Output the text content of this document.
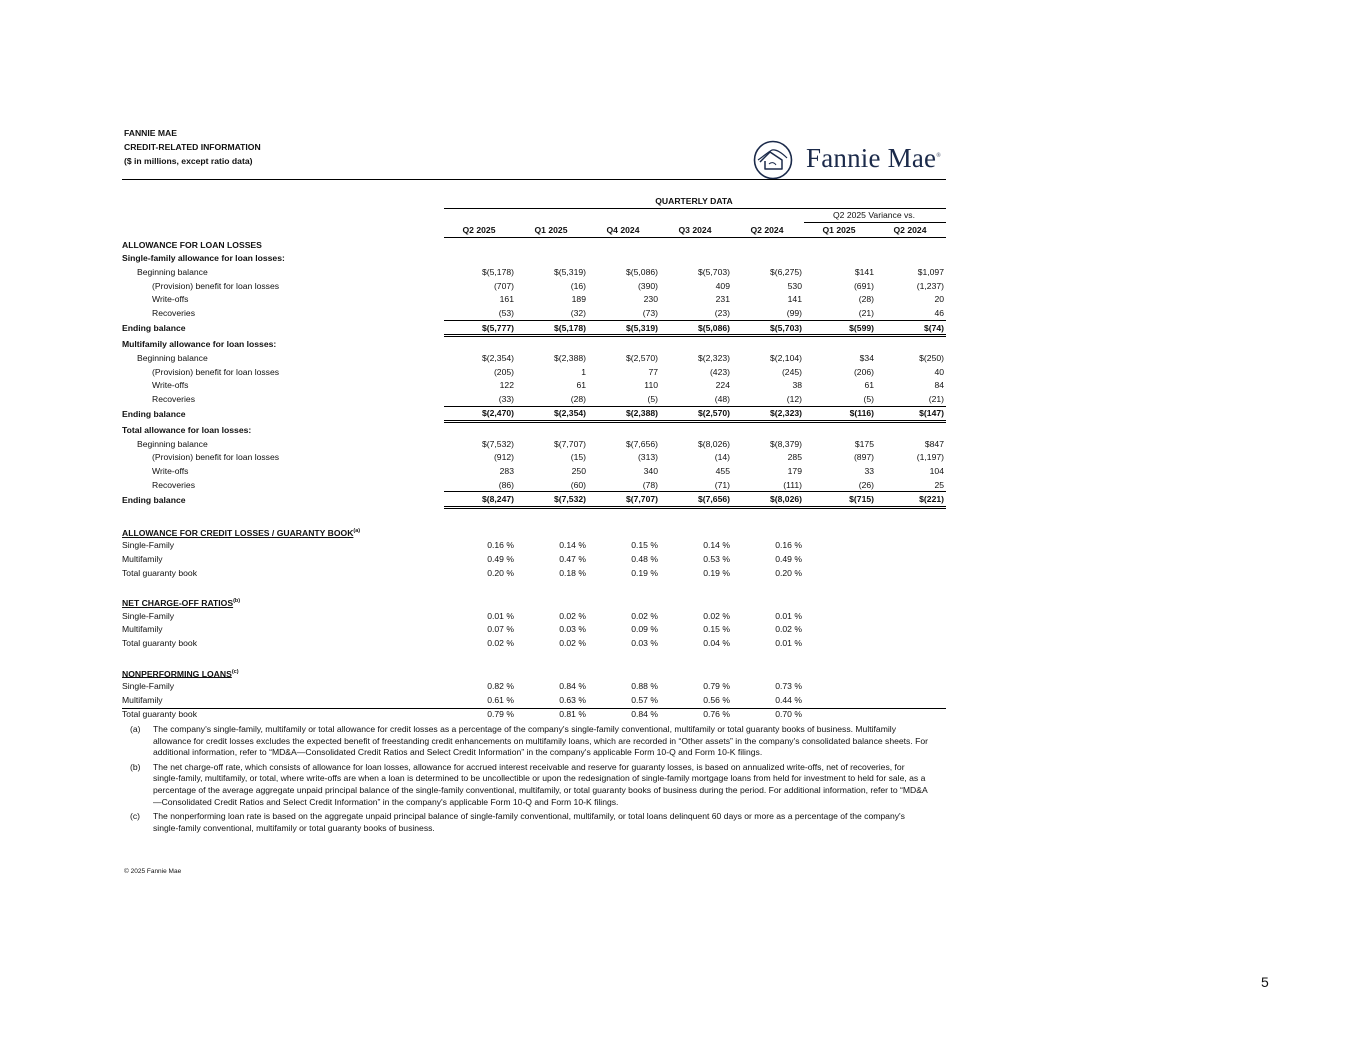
FANNIE MAE
CREDIT-RELATED INFORMATION
($ in millions, except ratio data)	Fannie Mae®
	QUARTERLY DATA						
						Q2 2025 Variance vs.	
	Q2 2025	Q1 2025	Q4 2024	Q3 2024	Q2 2024	Q1 2025	Q2 2024
ALLOWANCE FOR LOAN LOSSES							
Single-family allowance for loan losses:							
Beginning balance	$(5,178)	$(5,319)	$(5,086)	$(5,703)	$(6,275)	$141	$1,097
(Provision) benefit for loan losses	(707)	(16)	(390)	409	530	(691)	(1,237)
Write-offs	161	189	230	231	141	(28)	20
Recoveries	(53)	(32)	(73)	(23)	(99)	(21)	46
Ending balance	$(5,777)	$(5,178)	$(5,319)	$(5,086)	$(5,703)	$(599)	$(74)
Multifamily allowance for loan losses:							
Beginning balance	$(2,354)	$(2,388)	$(2,570)	$(2,323)	$(2,104)	$34	$(250)
(Provision) benefit for loan losses	(205)	1	77	(423)	(245)	(206)	40
Write-offs	122	61	110	224	38	61	84
Recoveries	(33)	(28)	(5)	(48)	(12)	(5)	(21)
Ending balance	$(2,470)	$(2,354)	$(2,388)	$(2,570)	$(2,323)	$(116)	$(147)
Total allowance for loan losses:							
Beginning balance	$(7,532)	$(7,707)	$(7,656)	$(8,026)	$(8,379)	$175	$847
(Provision) benefit for loan losses	(912)	(15)	(313)	(14)	285	(897)	(1,197)
Write-offs	283	250	340	455	179	33	104
Recoveries	(86)	(60)	(78)	(71)	(111)	(26)	25
Ending balance	$(8,247)	$(7,532)	$(7,707)	$(7,656)	$(8,026)	$(715)	$(221)

ALLOWANCE FOR CREDIT LOSSES / GUARANTY BOOK$^{(a)}$
Single-Family	0.16 %	0.14 %	0.15 %	0.14 %	0.16 %		
Multifamily	0.49 %	0.47 %	0.48 %	0.53 %	0.49 %		
Total guaranty book	0.20 %	0.18 %	0.19 %	0.19 %	0.20 %		

NET CHARGE-OFF RATIOS$^{(b)}$
Single-Family	0.01 %	0.02 %	0.02 %	0.02 %	0.01 %		
Multifamily	0.07 %	0.03 %	0.09 %	0.15 %	0.02 %		
Total guaranty book	0.02 %	0.02 %	0.03 %	0.04 %	0.01 %		

NONPERFORMING LOANS$^{(c)}$
Single-Family	0.82 %	0.84 %	0.88 %	0.79 %	0.73 %		
Multifamily	0.61 %	0.63 %	0.57 %	0.56 %	0.44 %		
Total guaranty book	0.79 %	0.81 %	0.84 %	0.76 %	0.70 %		
(a)	The company's single-family, multifamily or total allowance for credit losses as a percentage of the company's single-family conventional, multifamily or total guaranty books of business. Multifamily allowance for credit losses excludes the expected benefit of freestanding credit enhancements on multifamily loans, which are recorded in “Other assets” in the company's consolidated balance sheets. For additional information, refer to “MD&A—Consolidated Credit Ratios and Select Credit Information” in the company's applicable Form 10-Q and Form 10-K filings.
(b)	The net charge-off rate, which consists of allowance for loan losses, allowance for accrued interest receivable and reserve for guaranty losses, is based on annualized write-offs, net of recoveries, for single-family, multifamily, or total, where write-offs are when a loan is determined to be uncollectible or upon the redesignation of single-family mortgage loans from held for investment to held for sale, as a percentage of the average aggregate unpaid principal balance of the single-family conventional, multifamily, or total guaranty books of business during the period. For additional information, refer to “MD&A—Consolidated Credit Ratios and Select Credit Information” in the company's applicable Form 10-Q and Form 10-K filings.
(c)	The nonperforming loan rate is based on the aggregate unpaid principal balance of single-family conventional, multifamily, or total loans delinquent 60 days or more as a percentage of the company's single-family conventional, multifamily or total guaranty books of business.
© 2025 Fannie Mae
5
